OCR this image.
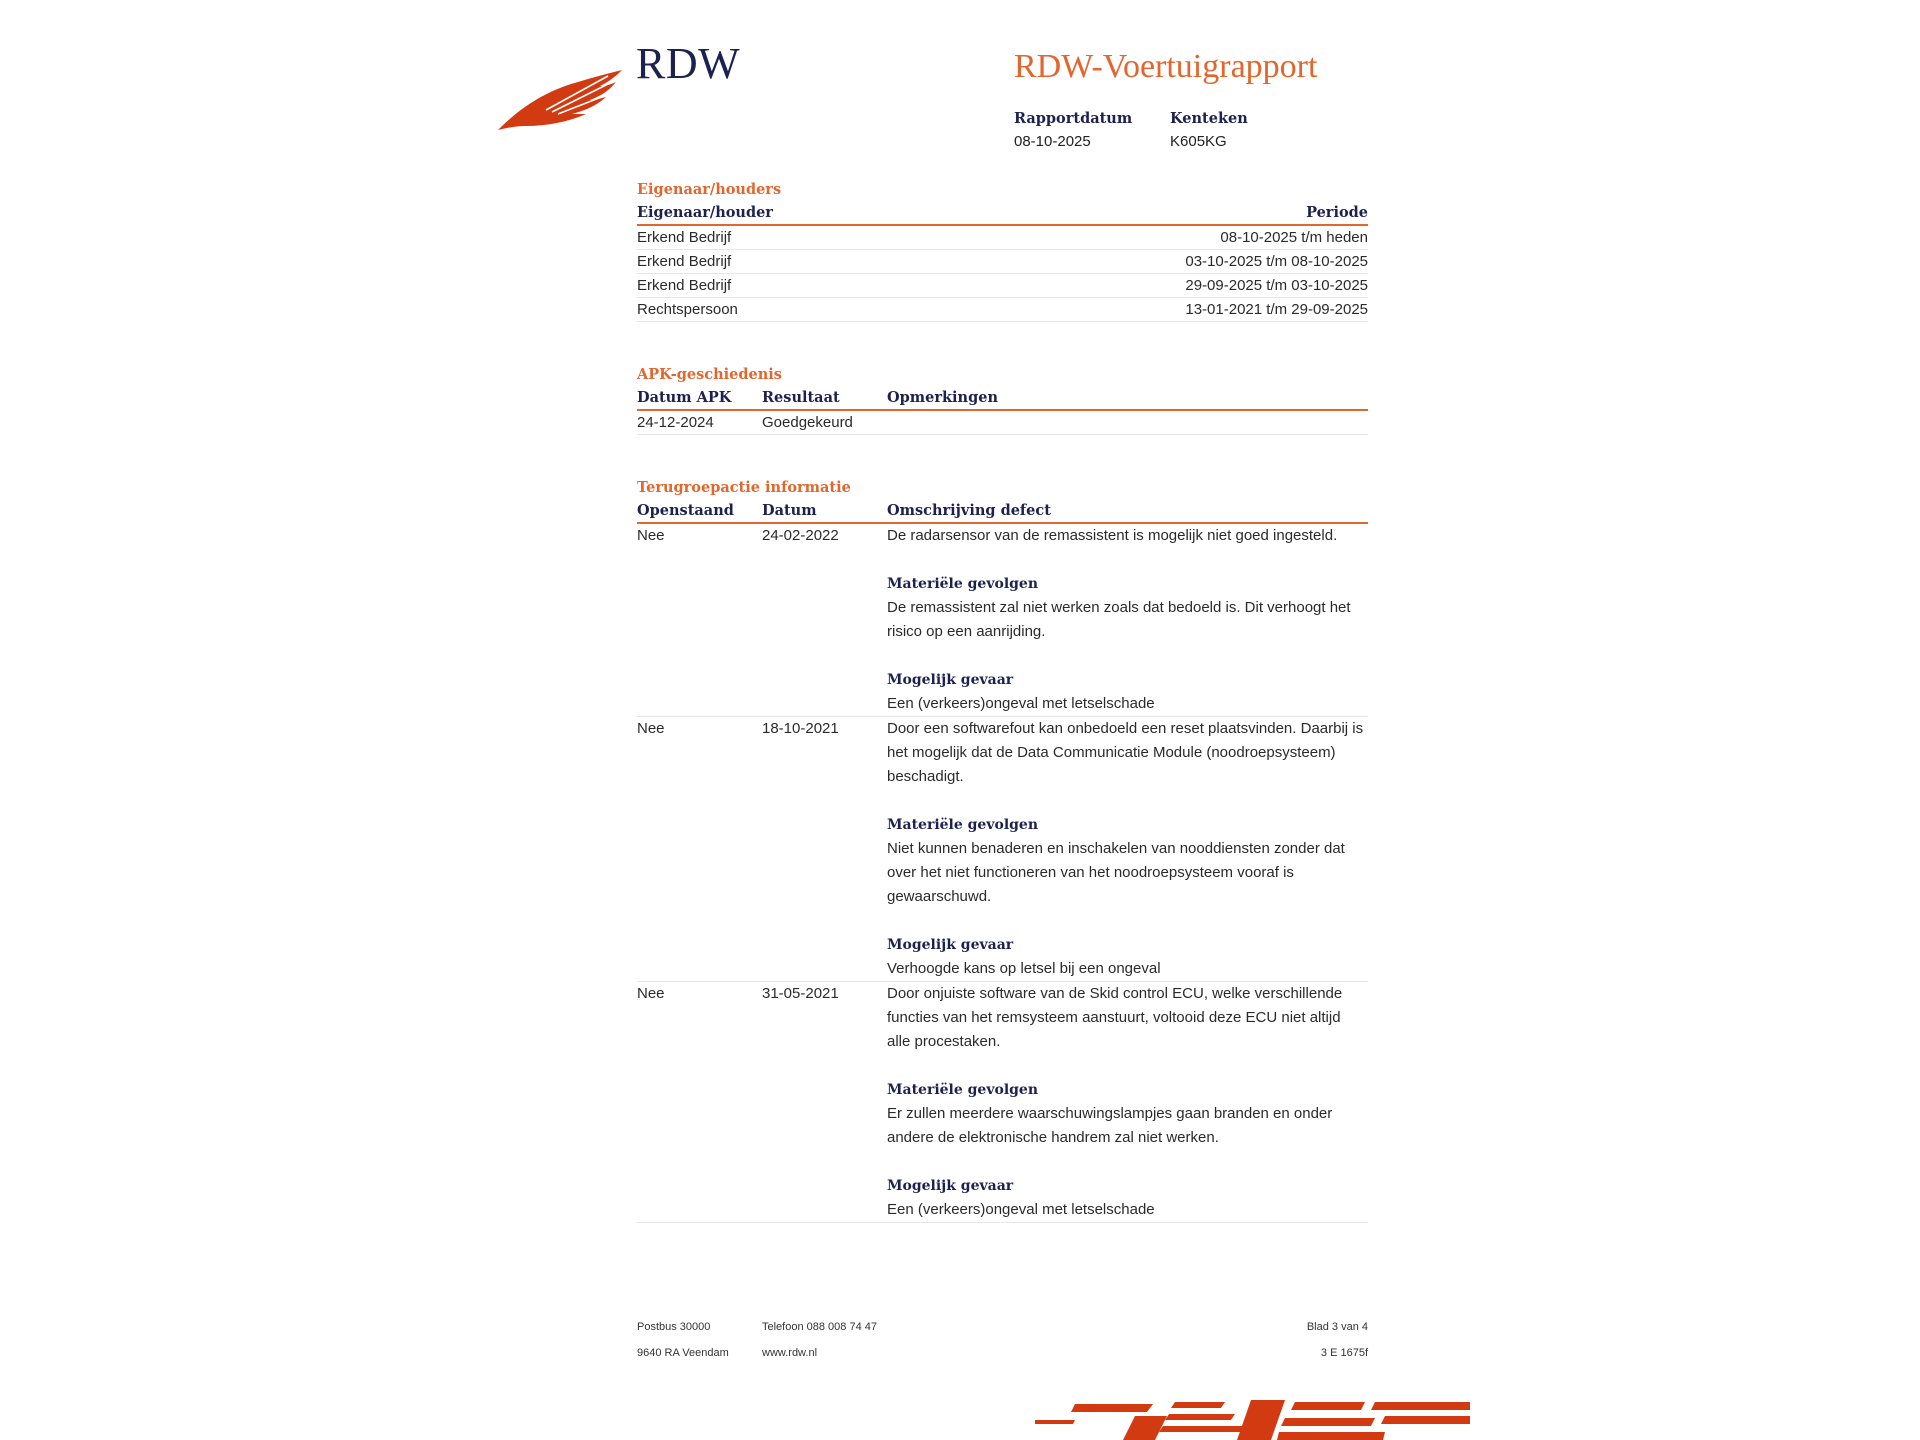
RDW	RDW-Voertuigrapport
Rapportdatum
08-10-2025
Kenteken
K605KG
Eigenaar/houders
Eigenaar/houder	Periode
Erkend Bedrijf	08-10-2025 t/m heden
Erkend Bedrijf	03-10-2025 t/m 08-10-2025
Erkend Bedrijf	29-09-2025 t/m 03-10-2025
Rechtspersoon	13-01-2021 t/m 29-09-2025
APK-geschiedenis
Datum APK	Resultaat	Opmerkingen
24-12-2024	Goedgekeurd
Terugroepactie informatie
Openstaand	Datum	Omschrijving defect
Nee	24-02-2022	De radarsensor van de remassistent is mogelijk niet goed ingesteld.

Materiële gevolgen

De remassistent zal niet werken zoals dat bedoeld is. Dit verhoogt het risico op een aanrijding.

Mogelijk gevaar

Een (verkeers)ongeval met letselschade

Nee	18-10-2021	Door een softwarefout kan onbedoeld een reset plaatsvinden. Daarbij is het mogelijk dat de Data Communicatie Module (noodroepsysteem) beschadigt.

Materiële gevolgen

Niet kunnen benaderen en inschakelen van nooddiensten zonder dat over het niet functioneren van het noodroepsysteem vooraf is gewaarschuwd.

Mogelijk gevaar

Verhoogde kans op letsel bij een ongeval

Nee	31-05-2021	Door onjuiste software van de Skid control ECU, welke verschillende functies van het remsysteem aanstuurt, voltooid deze ECU niet altijd alle procestaken.

Materiële gevolgen

Er zullen meerdere waarschuwingslampjes gaan branden en onder andere de elektronische handrem zal niet werken.

Mogelijk gevaar

Een (verkeers)ongeval met letselschade

Postbus 30000
9640 RA Veendam
Telefoon 088 008 74 47
www.rdw.nl
Blad 3 van 4
3 E 1675f
